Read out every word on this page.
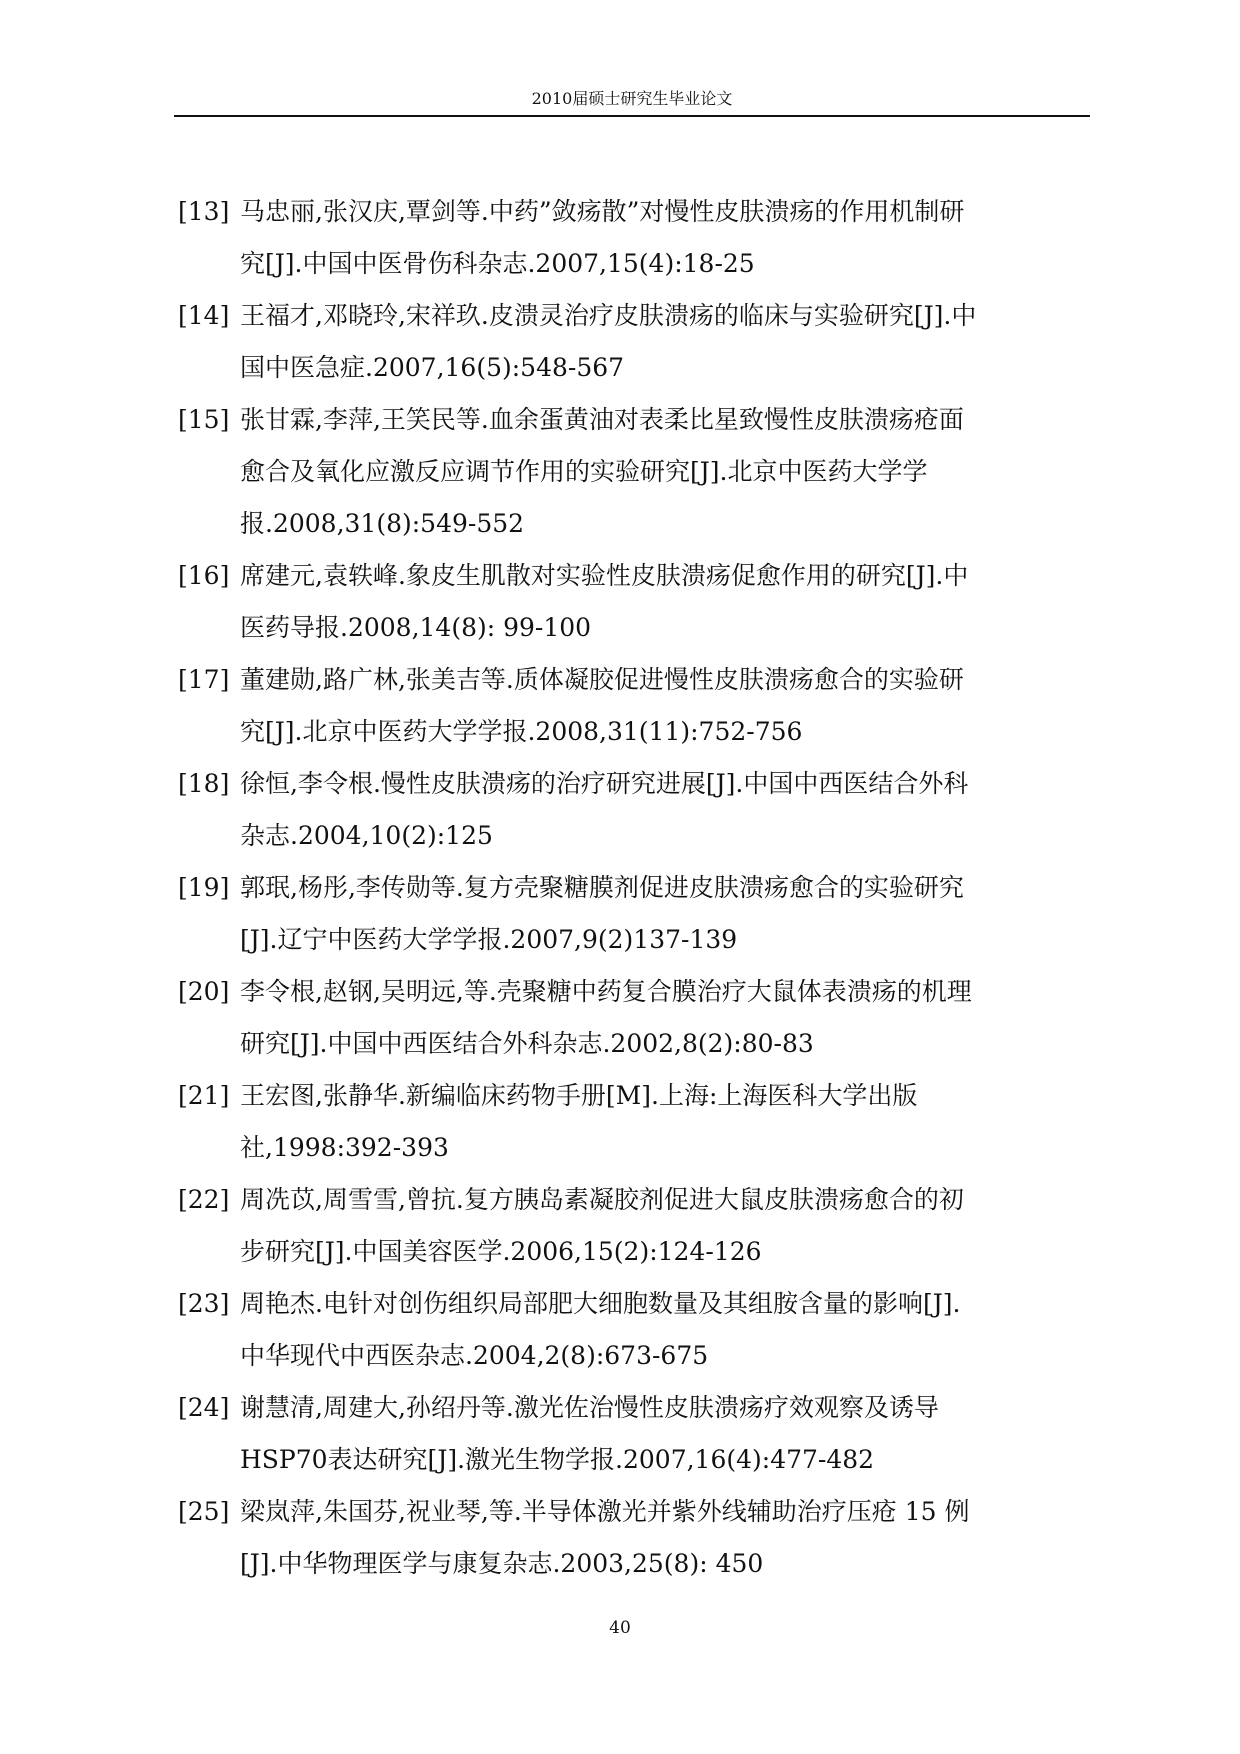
2010届硕士研究生毕业论文
[13] 马忠丽,张汉庆,覃剑等.中药”敛疡散”对慢性皮肤溃疡的作用机制研
究[J].中国中医骨伤科杂志.2007,15(4):18-25
[14] 王福才,邓晓玲,宋祥玖.皮溃灵治疗皮肤溃疡的临床与实验研究[J].中
国中医急症.2007,16(5):548-567
[15] 张甘霖,李萍,王笑民等.血余蛋黄油对表柔比星致慢性皮肤溃疡疮面
愈合及氧化应激反应调节作用的实验研究[J].北京中医药大学学
报.2008,31(8):549-552
[16] 席建元,袁轶峰.象皮生肌散对实验性皮肤溃疡促愈作用的研究[J].中
医药导报.2008,14(8): 99-100
[17] 董建勋,路广林,张美吉等.质体凝胶促进慢性皮肤溃疡愈合的实验研
究[J].北京中医药大学学报.2008,31(11):752-756
[18] 徐恒,李令根.慢性皮肤溃疡的治疗研究进展[J].中国中西医结合外科
杂志.2004,10(2):125
[19] 郭珉,杨彤,李传勋等.复方壳聚糖膜剂促进皮肤溃疡愈合的实验研究
[J].辽宁中医药大学学报.2007,9(2)137-139
[20] 李令根,赵钢,吴明远,等.壳聚糖中药复合膜治疗大鼠体表溃疡的机理
研究[J].中国中西医结合外科杂志.2002,8(2):80-83
[21] 王宏图,张静华.新编临床药物手册[M].上海:上海医科大学出版
社,1998:392-393
[22] 周冼苡,周雪雪,曾抗.复方胰岛素凝胶剂促进大鼠皮肤溃疡愈合的初
步研究[J].中国美容医学.2006,15(2):124-126
[23] 周艳杰.电针对创伤组织局部肥大细胞数量及其组胺含量的影响[J].
中华现代中西医杂志.2004,2(8):673-675
[24] 谢慧清,周建大,孙绍丹等.激光佐治慢性皮肤溃疡疗效观察及诱导
HSP70表达研究[J].激光生物学报.2007,16(4):477-482
[25] 梁岚萍,朱国芬,祝业琴,等.半导体激光并紫外线辅助治疗压疮 15 例
[J].中华物理医学与康复杂志.2003,25(8): 450
40
